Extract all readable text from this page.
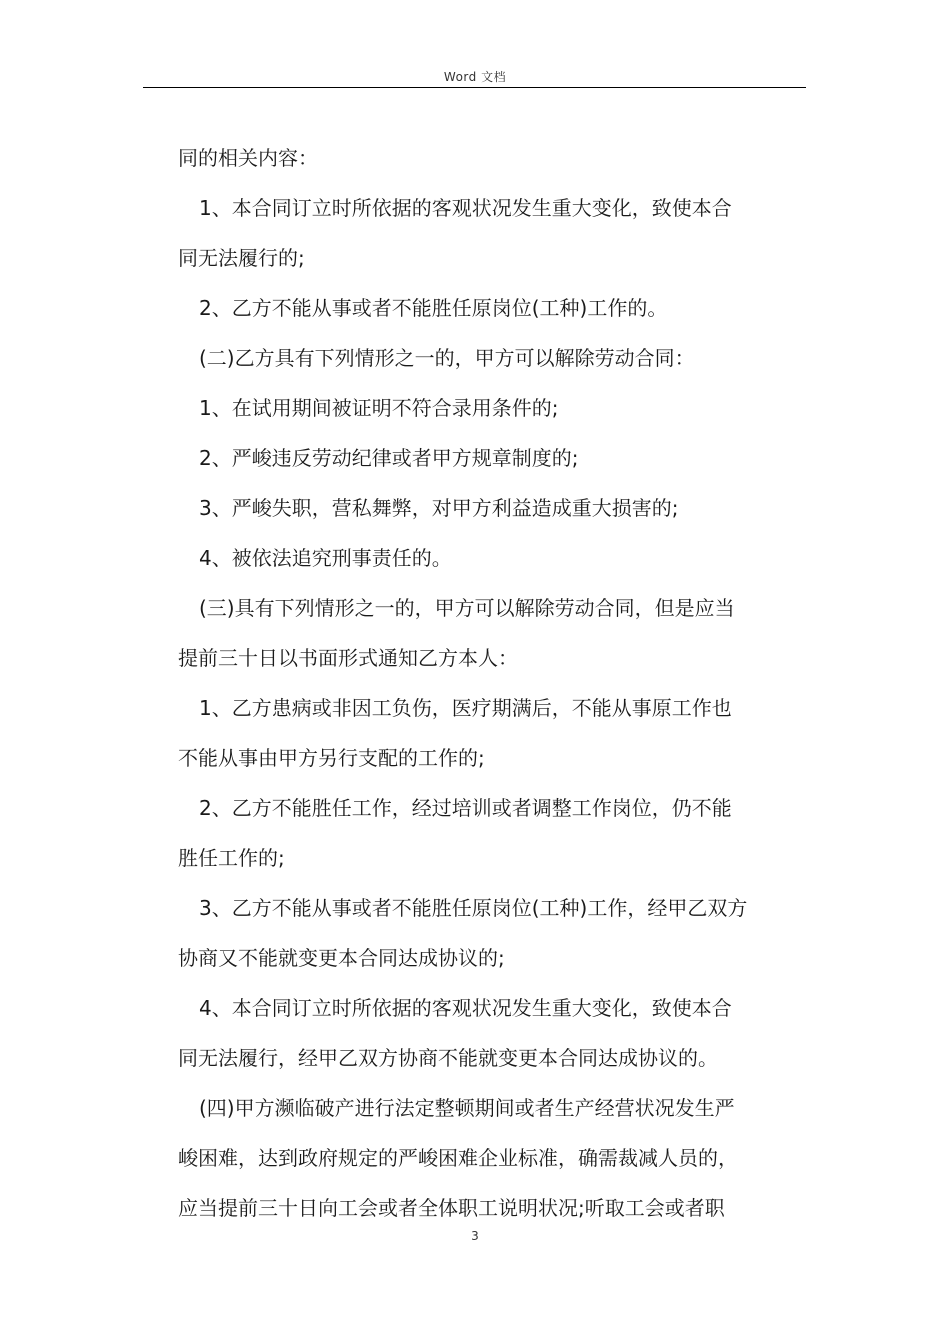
Word 文档
同的相关内容：
1、本合同订立时所依据的客观状况发生重大变化，致使本合
同无法履行的;
2、乙方不能从事或者不能胜任原岗位(工种)工作的。
(二)乙方具有下列情形之一的，甲方可以解除劳动合同：
1、在试用期间被证明不符合录用条件的;
2、严峻违反劳动纪律或者甲方规章制度的;
3、严峻失职，营私舞弊，对甲方利益造成重大损害的;
4、被依法追究刑事责任的。
(三)具有下列情形之一的，甲方可以解除劳动合同，但是应当
提前三十日以书面形式通知乙方本人：
1、乙方患病或非因工负伤，医疗期满后，不能从事原工作也
不能从事由甲方另行支配的工作的;
2、乙方不能胜任工作，经过培训或者调整工作岗位，仍不能
胜任工作的;
3、乙方不能从事或者不能胜任原岗位(工种)工作，经甲乙双方
协商又不能就变更本合同达成协议的;
4、本合同订立时所依据的客观状况发生重大变化，致使本合
同无法履行，经甲乙双方协商不能就变更本合同达成协议的。
(四)甲方濒临破产进行法定整顿期间或者生产经营状况发生严
峻困难，达到政府规定的严峻困难企业标准，确需裁减人员的，
应当提前三十日向工会或者全体职工说明状况;听取工会或者职
3
